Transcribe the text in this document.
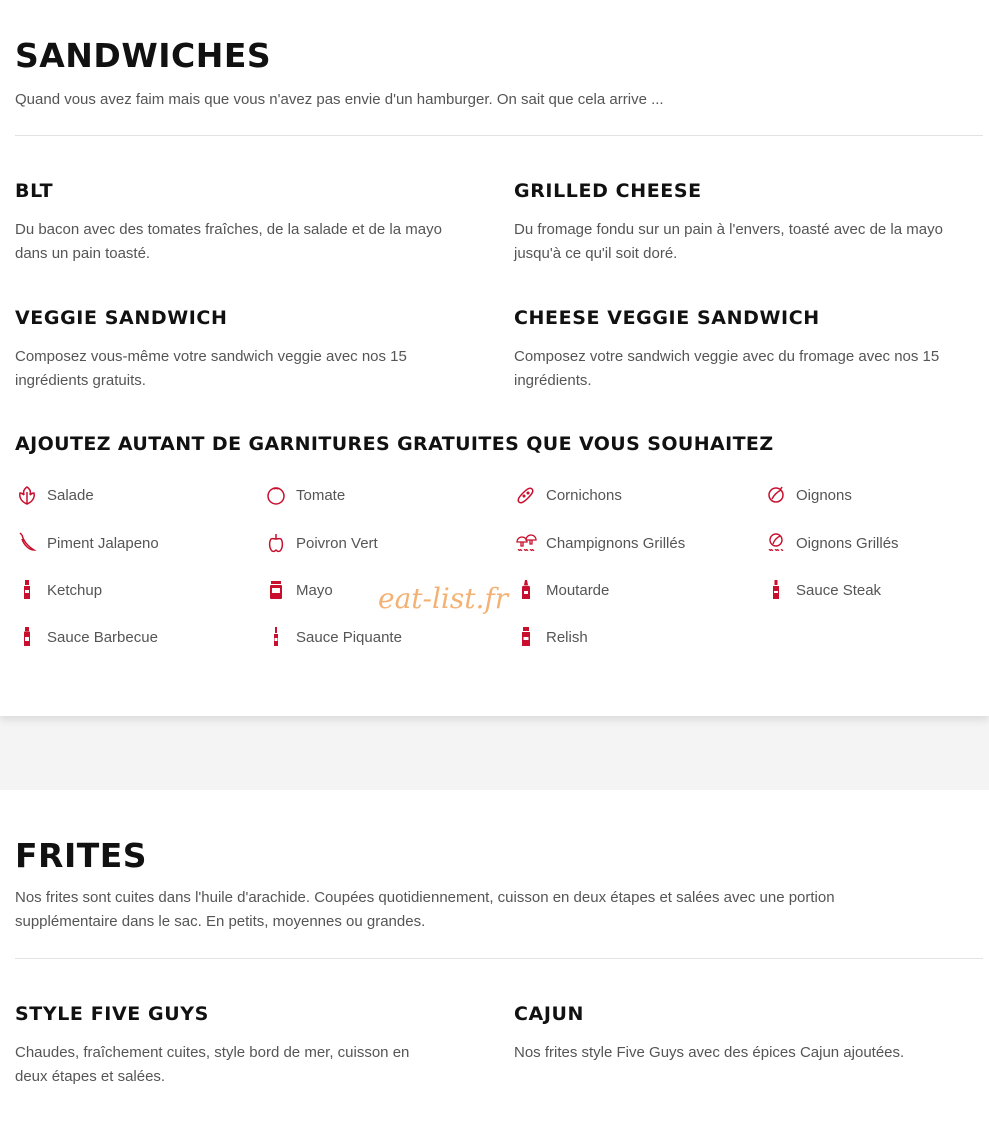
SANDWICHES

Quand vous avez faim mais que vous n'avez pas envie d'un hamburger. On sait que cela arrive ...

BLT

Du bacon avec des tomates fraîches, de la salade et de la mayo
dans un pain toasté.

GRILLED CHEESE

Du fromage fondu sur un pain à l'envers, toasté avec de la mayo
jusqu'à ce qu'il soit doré.

VEGGIE SANDWICH

Composez vous-même votre sandwich veggie avec nos 15
ingrédients gratuits.

CHEESE VEGGIE SANDWICH

Composez votre sandwich veggie avec du fromage avec nos 15
ingrédients.

AJOUTEZ AUTANT DE GARNITURES GRATUITES QUE VOUS SOUHAITEZ
Salade	Tomate	Cornichons	Oignons
Piment Jalapeno	Poivron Vert	Champignons Grillés	Oignons Grillés
Ketchup	Mayo	Moutarde	Sauce Steak
Sauce Barbecue	Sauce Piquante	Relish
eat-list.fr
FRITES

Nos frites sont cuites dans l'huile d'arachide. Coupées quotidiennement, cuisson en deux étapes et salées avec une portion
supplémentaire dans le sac. En petits, moyennes ou grandes.

STYLE FIVE GUYS

Chaudes, fraîchement cuites, style bord de mer, cuisson en
deux étapes et salées.

CAJUN

Nos frites style Five Guys avec des épices Cajun ajoutées.
